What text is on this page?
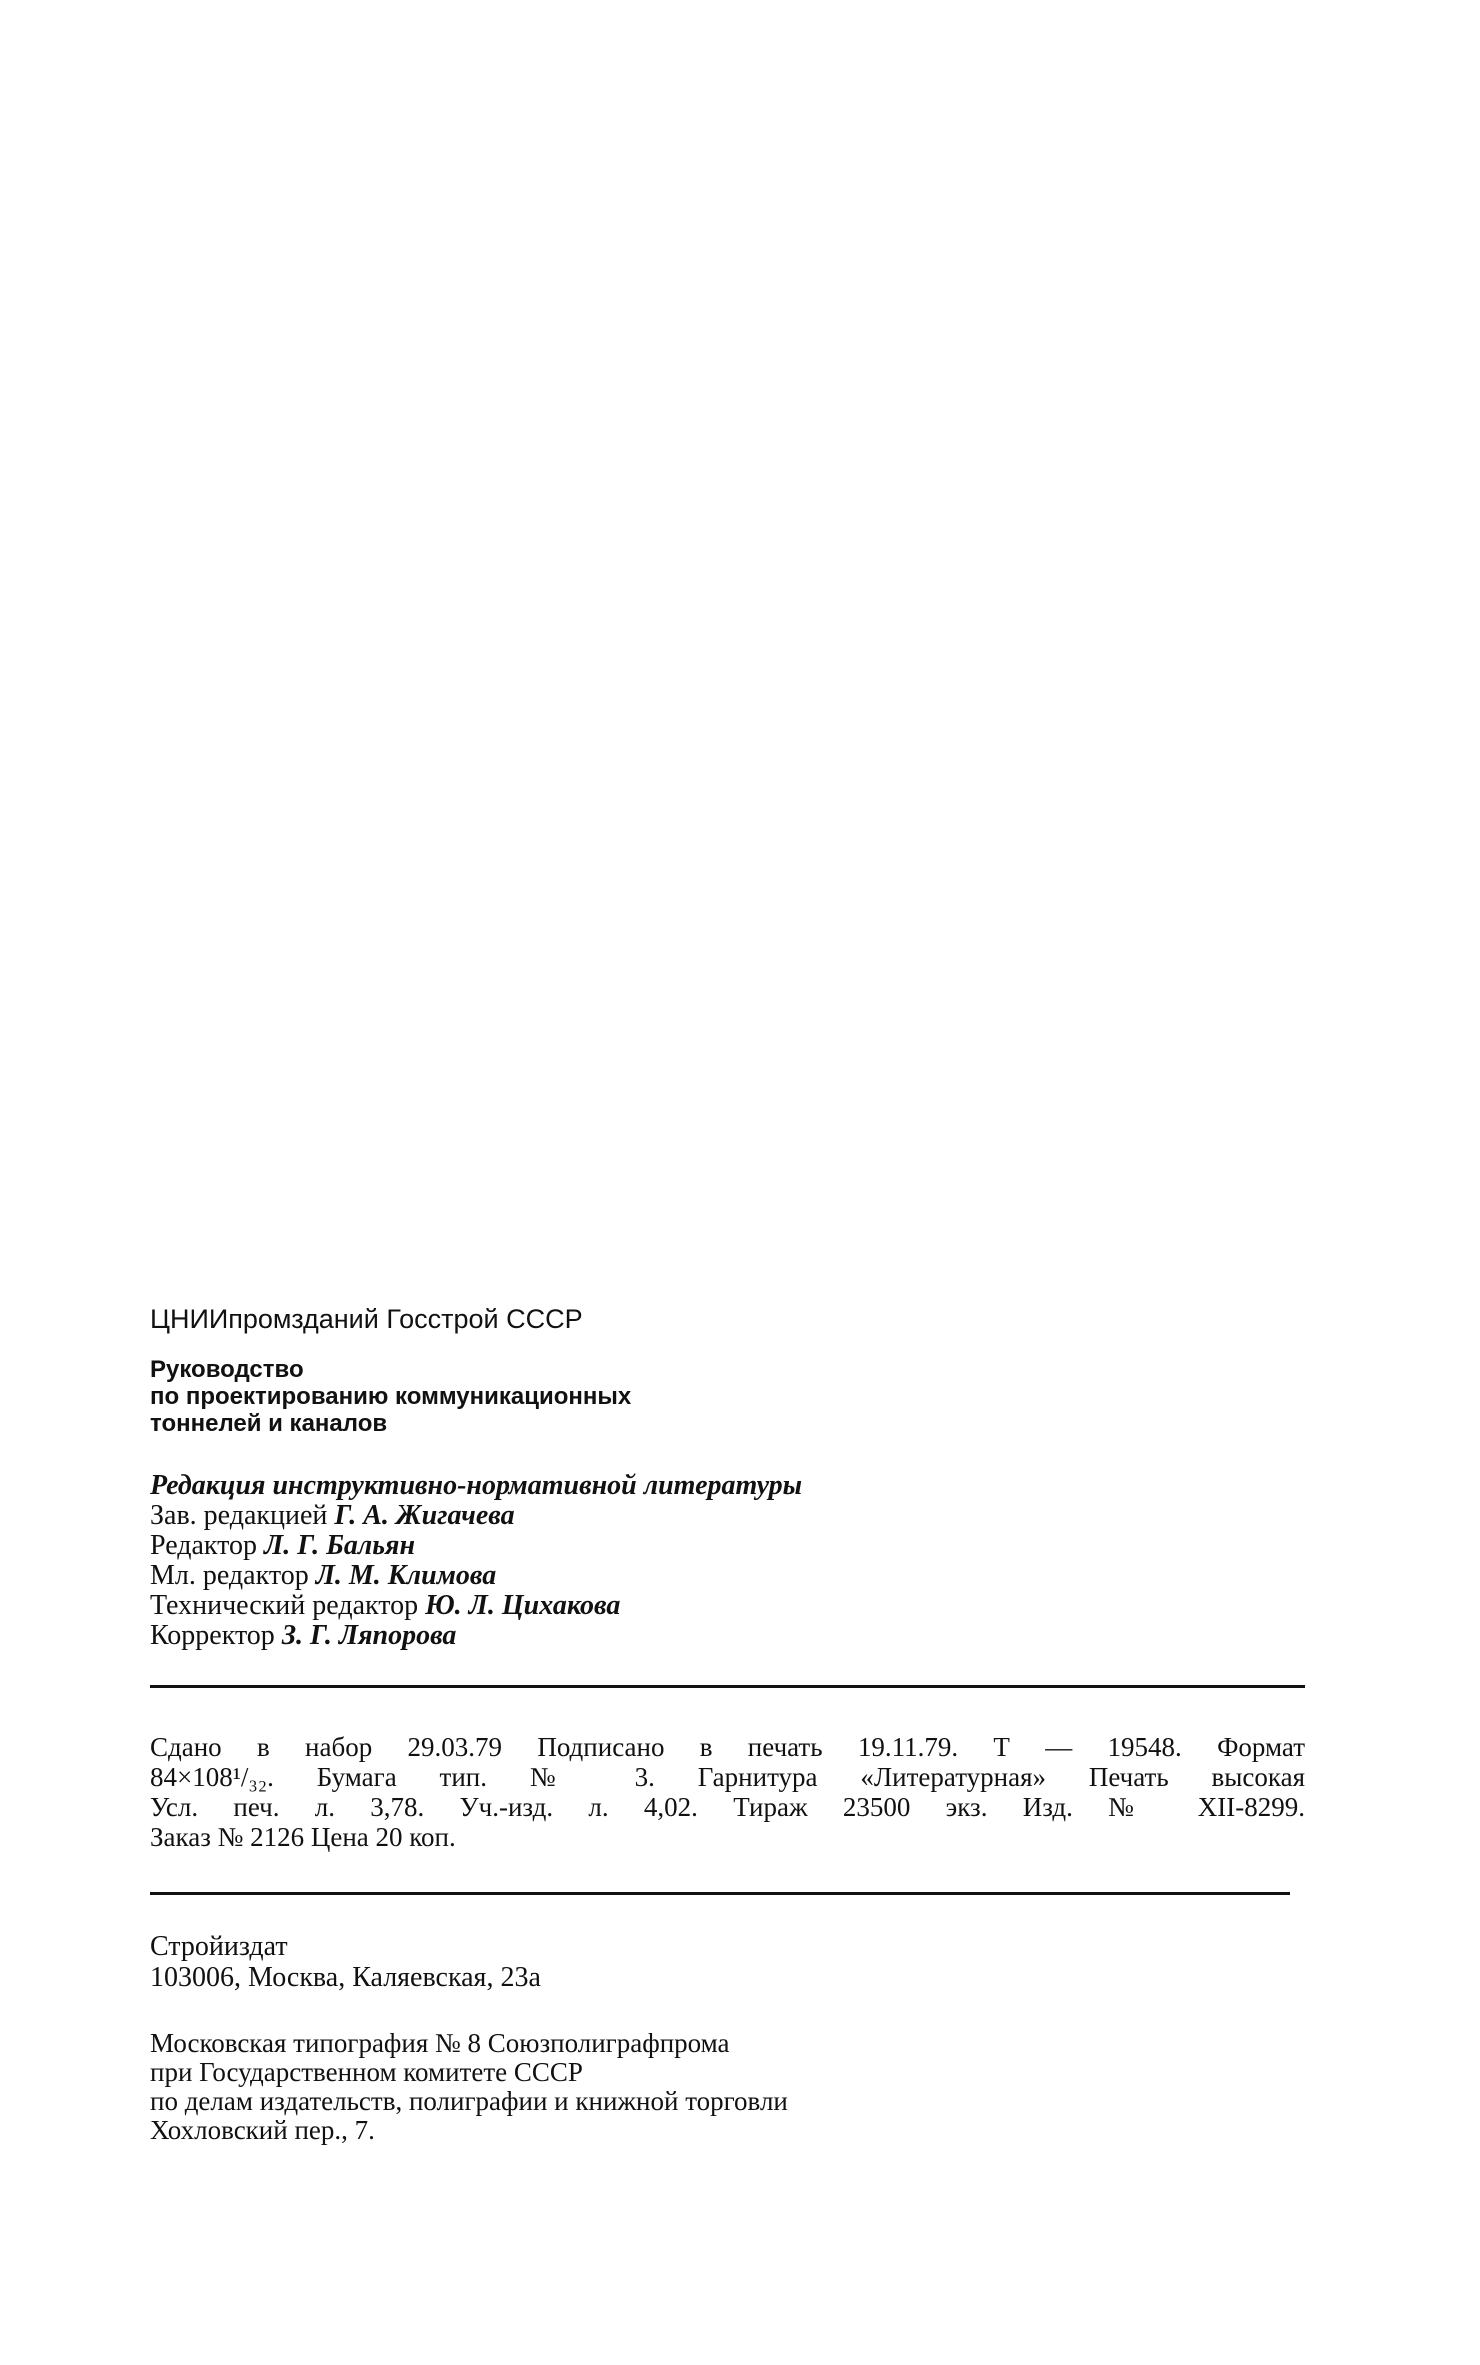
ЦНИИпромзданий Госстрой СССР
Руководство
по проектированию коммуникационных
тоннелей и каналов
Редакция инструктивно-нормативной литературы
Зав. редакцией Г. А. Жигачева
Редактор Л. Г. Бальян
Мл. редактор Л. М. Климова
Технический редактор Ю. Л. Цихакова
Корректор З. Г. Ляпорова
Сдано в набор 29.03.79 Подписано в печать 19.11.79. Т — 19548. Формат
84×108¹/₃₂. Бумага тип. № 3. Гарнитура «Литературная» Печать высокая
Усл. печ. л. 3,78. Уч.-изд. л. 4,02. Тираж 23500 экз. Изд. № XII-8299.
Заказ № 2126 Цена 20 коп.
Стройиздат
103006, Москва, Каляевская, 23а
Московская типография № 8 Союзполиграфпрома
при Государственном комитете СССР
по делам издательств, полиграфии и книжной торговли
Хохловский пер., 7.
